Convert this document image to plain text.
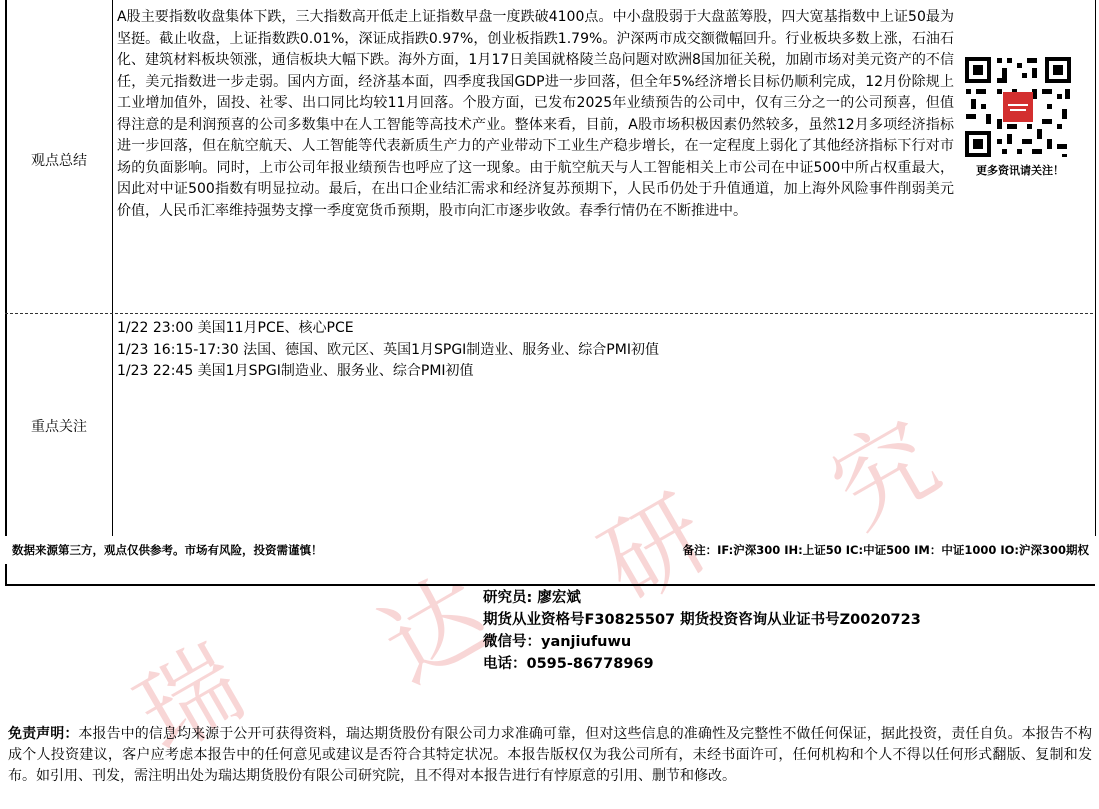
瑞 达
研 究
观点总结
A股主要指数收盘集体下跌，三大指数高开低走上证指数早盘一度跌破4100点。中小盘股弱于大盘蓝筹股，四大宽基指数中上证50最为坚挺。截止收盘，上证指数跌0.01%，深证成指跌0.97%，创业板指跌1.79%。沪深两市成交额微幅回升。行业板块多数上涨，石油石化、建筑材料板块领涨，通信板块大幅下跌。海外方面，1月17日美国就格陵兰岛问题对欧洲8国加征关税，加剧市场对美元资产的不信任，美元指数进一步走弱。国内方面，经济基本面，四季度我国GDP进一步回落，但全年5%经济增长目标仍顺利完成，12月份除规上工业增加值外，固投、社零、出口同比均较11月回落。个股方面，已发布2025年业绩预告的公司中，仅有三分之一的公司预喜，但值得注意的是利润预喜的公司多数集中在人工智能等高技术产业。整体来看，目前，A股市场积极因素仍然较多，虽然12月多项经济指标进一步回落，但在航空航天、人工智能等代表新质生产力的产业带动下工业生产稳步增长，在一定程度上弱化了其他经济指标下行对市场的负面影响。同时，上市公司年报业绩预告也呼应了这一现象。由于航空航天与人工智能相关上市公司在中证500中所占权重最大，因此对中证500指数有明显拉动。最后，在出口企业结汇需求和经济复苏预期下，人民币仍处于升值通道，加上海外风险事件削弱美元价值，人民币汇率维持强势支撑一季度宽货币预期，股市向汇市逐步收敛。春季行情仍在不断推进中。
更多资讯请关注！
重点关注
1/22 23:00 美国11月PCE、核心PCE
1/23 16:15-17:30 法国、德国、欧元区、英国1月SPGI制造业、服务业、综合PMI初值
1/23 22:45 美国1月SPGI制造业、服务业、综合PMI初值
数据来源第三方，观点仅供参考。市场有风险，投资需谨慎！	备注：IF:沪深300 IH:上证50 IC:中证500 IM：中证1000 IO:沪深300期权
研究员: 廖宏斌
期货从业资格号F30825507 期货投资咨询从业证书号Z0020723
微信号：yanjiufuwu
电话：0595-86778969
免责声明：本报告中的信息均来源于公开可获得资料，瑞达期货股份有限公司力求准确可靠，但对这些信息的准确性及完整性不做任何保证，据此投资，责任自负。本报告不构成个人投资建议，客户应考虑本报告中的任何意见或建议是否符合其特定状况。本报告版权仅为我公司所有，未经书面许可，任何机构和个人不得以任何形式翻版、复制和发布。如引用、刊发，需注明出处为瑞达期货股份有限公司研究院，且不得对本报告进行有悖原意的引用、删节和修改。
